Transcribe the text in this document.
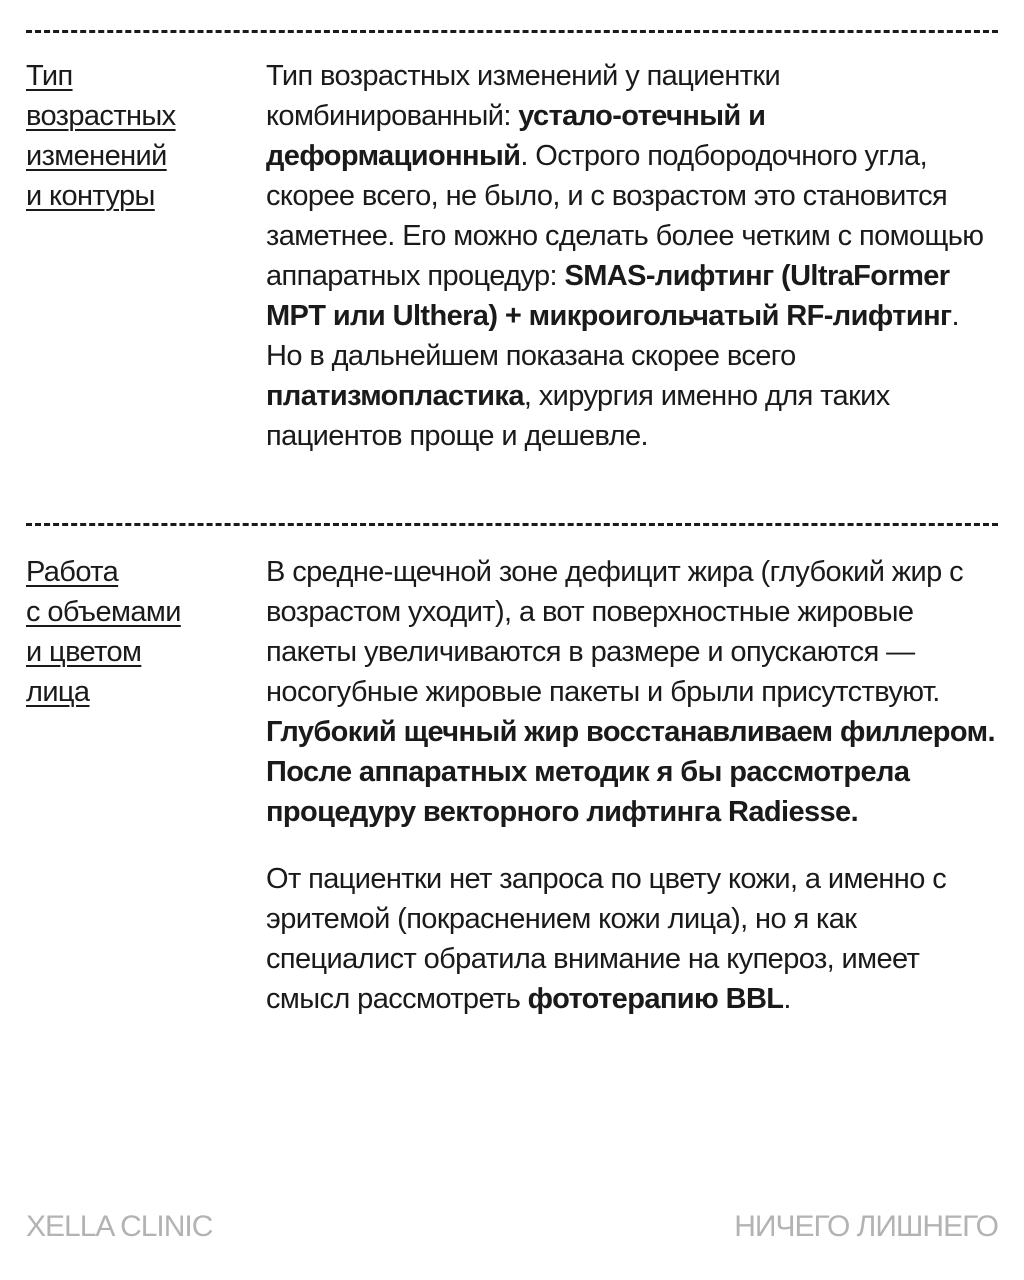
Тип
возрастных
изменений
и контуры

Тип возрастных изменений у пациентки комбинированный: устало-отечный и деформационный. Острого подбородочного угла, скорее всего, не было, и с возрастом это становится заметнее. Его можно сделать более четким с помощью аппаратных процедур: SMAS-лифтинг (UltraFormer MPT или Ulthera) + микроигольчатый RF-лифтинг. Но в дальнейшем показана скорее всего платизмопластика, хирургия именно для таких пациентов проще и дешевле.

Работа
с объемами
и цветом
лица

В средне-щечной зоне дефицит жира (глубокий жир с возрастом уходит), а вот поверхностные жировые пакеты увеличиваются в размере и опускаются — носогубные жировые пакеты и брыли присутствуют. Глубокий щечный жир восстанавливаем филлером. После аппаратных методик я бы рассмотрела процедуру векторного лифтинга Radiesse.

От пациентки нет запроса по цвету кожи, а именно с эритемой (покраснением кожи лица), но я как специалист обратила внимание на купероз, имеет смысл рассмотреть фототерапию BBL.

XELLA CLINIC	НИЧЕГО ЛИШНЕГО
